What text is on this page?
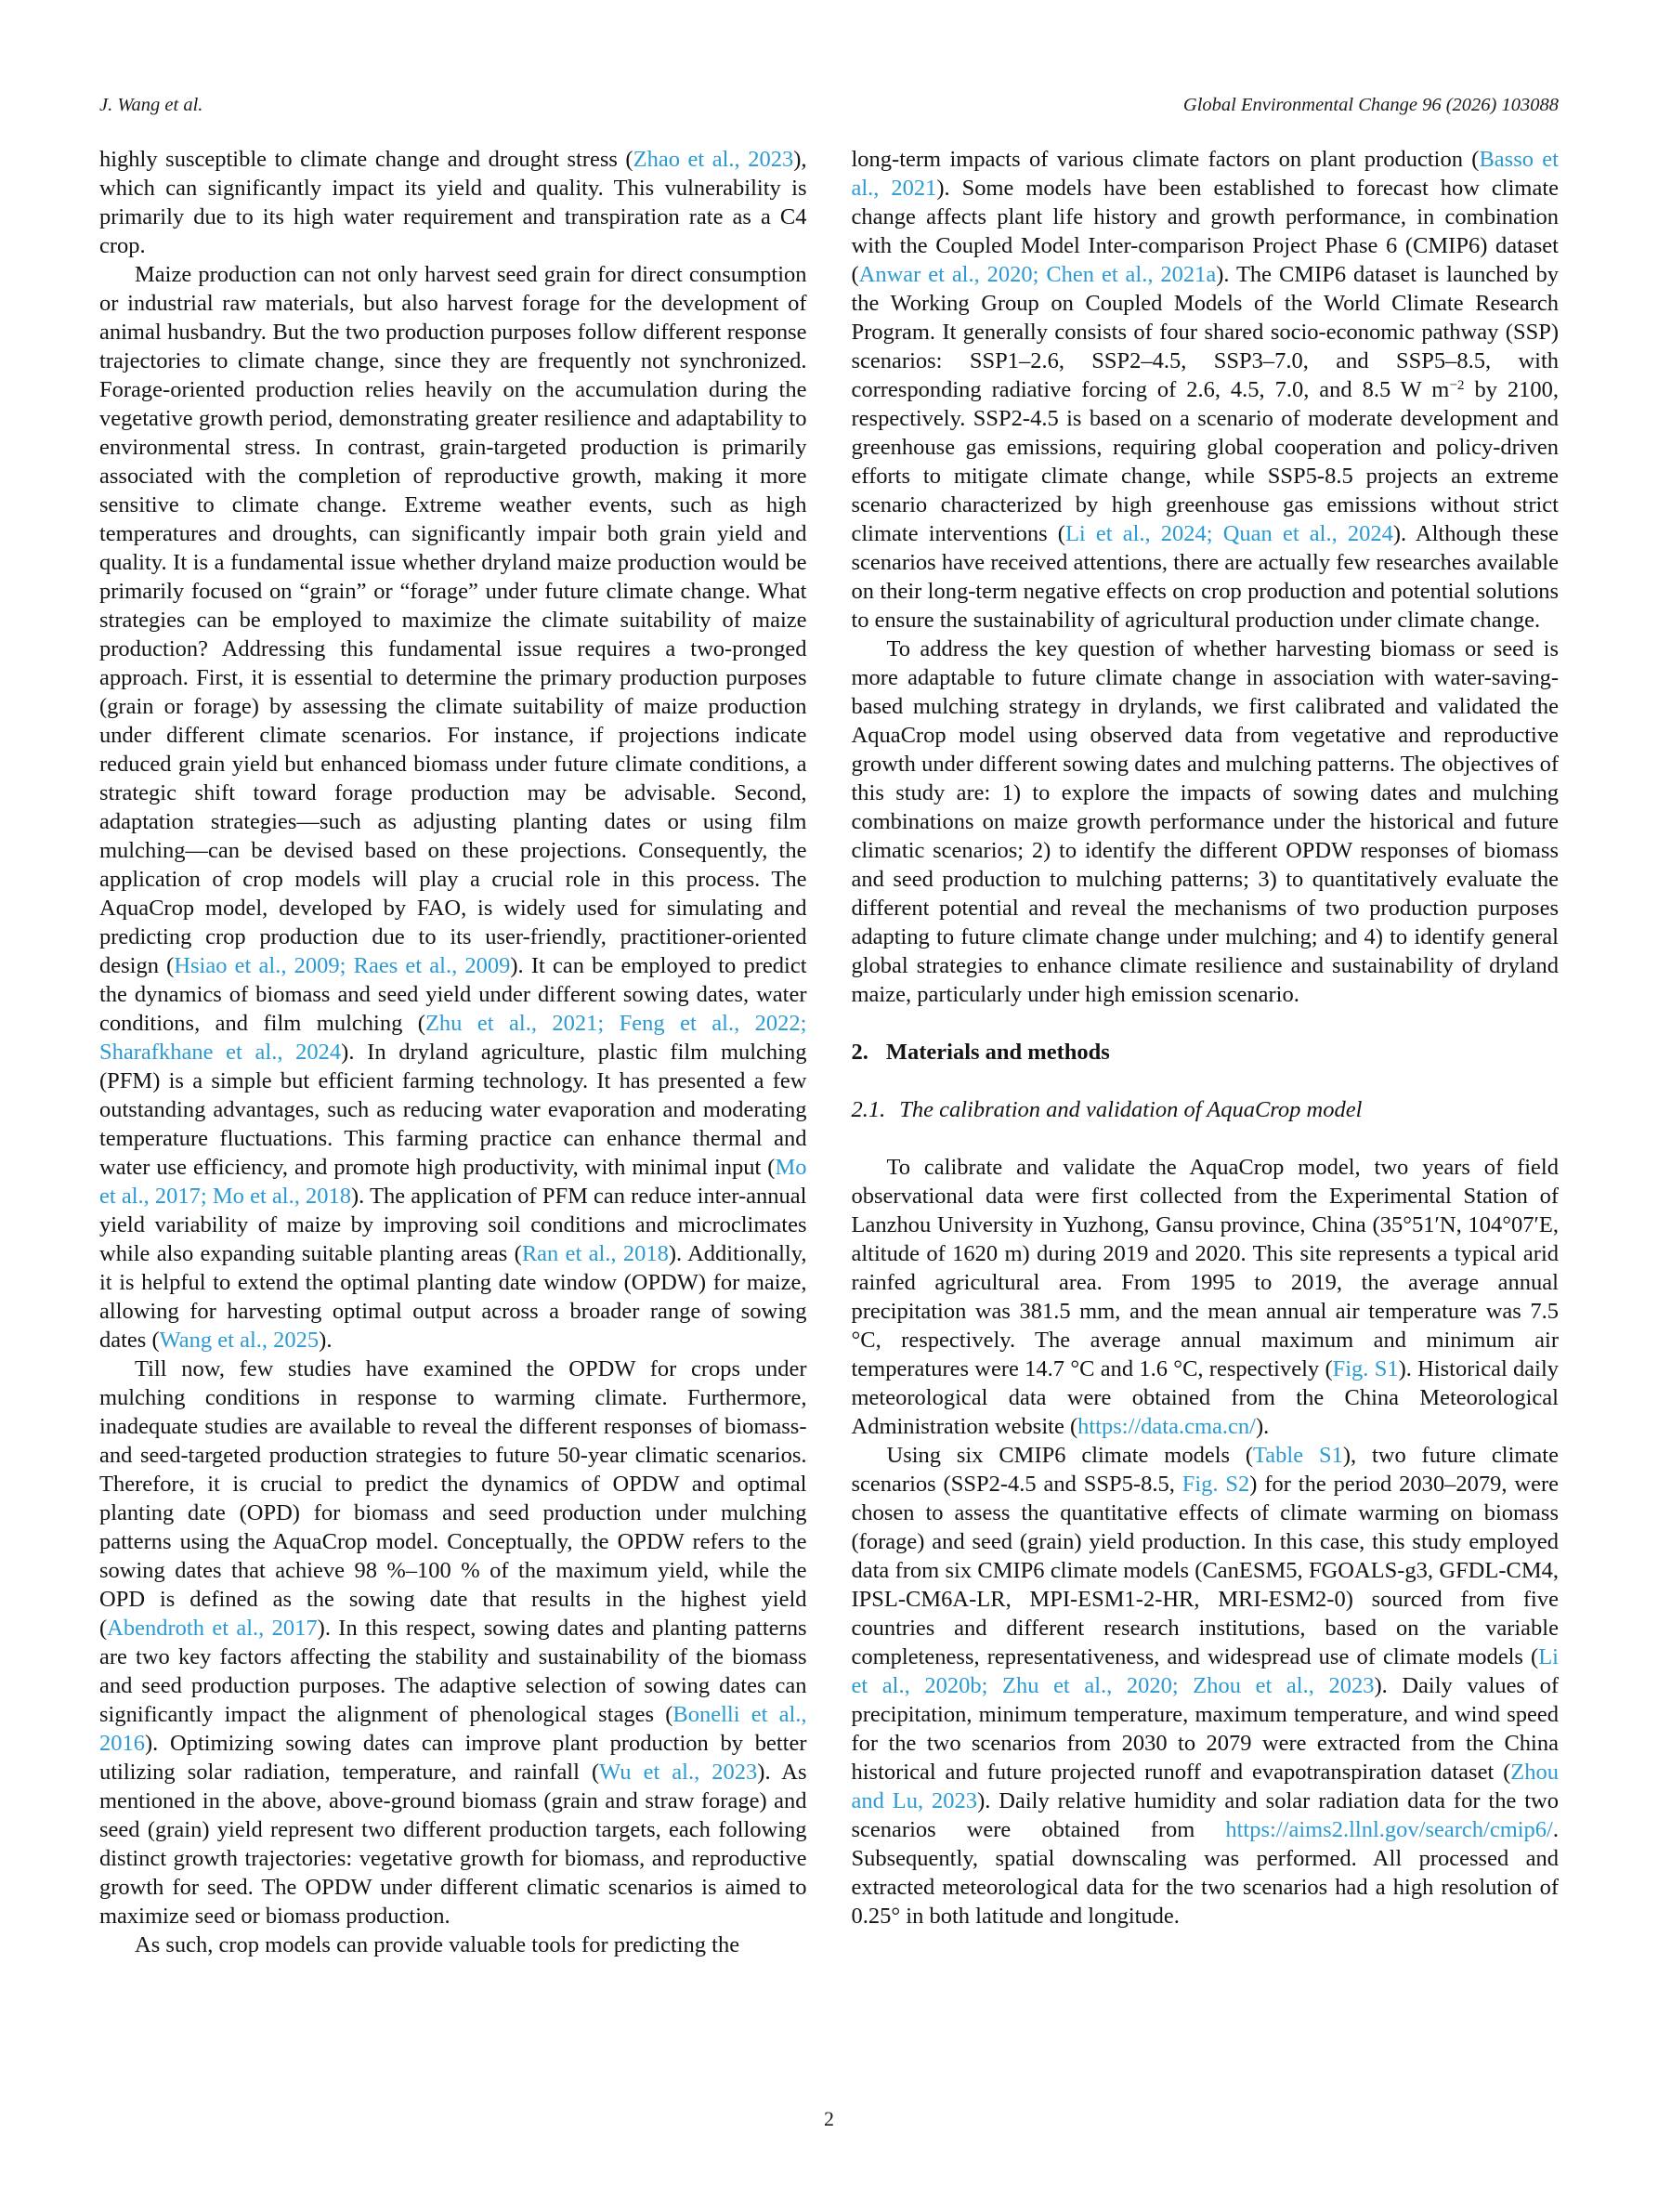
J. Wang et al.	Global Environmental Change 96 (2026) 103088

highly susceptible to climate change and drought stress (Zhao et al., 2023), which can significantly impact its yield and quality. This vulnerability is primarily due to its high water requirement and transpiration rate as a C4 crop.

Maize production can not only harvest seed grain for direct consumption or industrial raw materials, but also harvest forage for the development of animal husbandry. But the two production purposes follow different response trajectories to climate change, since they are frequently not synchronized. Forage-oriented production relies heavily on the accumulation during the vegetative growth period, demonstrating greater resilience and adaptability to environmental stress. In contrast, grain-targeted production is primarily associated with the completion of reproductive growth, making it more sensitive to climate change. Extreme weather events, such as high temperatures and droughts, can significantly impair both grain yield and quality. It is a fundamental issue whether dryland maize production would be primarily focused on “grain” or “forage” under future climate change. What strategies can be employed to maximize the climate suitability of maize production? Addressing this fundamental issue requires a two-pronged approach. First, it is essential to determine the primary production purposes (grain or forage) by assessing the climate suitability of maize production under different climate scenarios. For instance, if projections indicate reduced grain yield but enhanced biomass under future climate conditions, a strategic shift toward forage production may be advisable. Second, adaptation strategies—such as adjusting planting dates or using film mulching—can be devised based on these projections. Consequently, the application of crop models will play a crucial role in this process. The AquaCrop model, developed by FAO, is widely used for simulating and predicting crop production due to its user-friendly, practitioner-oriented design (Hsiao et al., 2009; Raes et al., 2009). It can be employed to predict the dynamics of biomass and seed yield under different sowing dates, water conditions, and film mulching (Zhu et al., 2021; Feng et al., 2022; Sharafkhane et al., 2024). In dryland agriculture, plastic film mulching (PFM) is a simple but efficient farming technology. It has presented a few outstanding advantages, such as reducing water evaporation and moderating temperature fluctuations. This farming practice can enhance thermal and water use efficiency, and promote high productivity, with minimal input (Mo et al., 2017; Mo et al., 2018). The application of PFM can reduce inter-annual yield variability of maize by improving soil conditions and microclimates while also expanding suitable planting areas (Ran et al., 2018). Additionally, it is helpful to extend the optimal planting date window (OPDW) for maize, allowing for harvesting optimal output across a broader range of sowing dates (Wang et al., 2025).

Till now, few studies have examined the OPDW for crops under mulching conditions in response to warming climate. Furthermore, inadequate studies are available to reveal the different responses of biomass- and seed-targeted production strategies to future 50-year climatic scenarios. Therefore, it is crucial to predict the dynamics of OPDW and optimal planting date (OPD) for biomass and seed production under mulching patterns using the AquaCrop model. Conceptually, the OPDW refers to the sowing dates that achieve 98 %–100 % of the maximum yield, while the OPD is defined as the sowing date that results in the highest yield (Abendroth et al., 2017). In this respect, sowing dates and planting patterns are two key factors affecting the stability and sustainability of the biomass and seed production purposes. The adaptive selection of sowing dates can significantly impact the alignment of phenological stages (Bonelli et al., 2016). Optimizing sowing dates can improve plant production by better utilizing solar radiation, temperature, and rainfall (Wu et al., 2023). As mentioned in the above, above-ground biomass (grain and straw forage) and seed (grain) yield represent two different production targets, each following distinct growth trajectories: vegetative growth for biomass, and reproductive growth for seed. The OPDW under different climatic scenarios is aimed to maximize seed or biomass production.

As such, crop models can provide valuable tools for predicting the

long-term impacts of various climate factors on plant production (Basso et al., 2021). Some models have been established to forecast how climate change affects plant life history and growth performance, in combination with the Coupled Model Inter-comparison Project Phase 6 (CMIP6) dataset (Anwar et al., 2020; Chen et al., 2021a). The CMIP6 dataset is launched by the Working Group on Coupled Models of the World Climate Research Program. It generally consists of four shared socio-economic pathway (SSP) scenarios: SSP1–2.6, SSP2–4.5, SSP3–7.0, and SSP5–8.5, with corresponding radiative forcing of 2.6, 4.5, 7.0, and 8.5 W $m^{-2}$ by 2100, respectively. SSP2-4.5 is based on a scenario of moderate development and greenhouse gas emissions, requiring global cooperation and policy-driven efforts to mitigate climate change, while SSP5-8.5 projects an extreme scenario characterized by high greenhouse gas emissions without strict climate interventions (Li et al., 2024; Quan et al., 2024). Although these scenarios have received attentions, there are actually few researches available on their long-term negative effects on crop production and potential solutions to ensure the sustainability of agricultural production under climate change.

To address the key question of whether harvesting biomass or seed is more adaptable to future climate change in association with water-saving-based mulching strategy in drylands, we first calibrated and validated the AquaCrop model using observed data from vegetative and reproductive growth under different sowing dates and mulching patterns. The objectives of this study are: 1) to explore the impacts of sowing dates and mulching combinations on maize growth performance under the historical and future climatic scenarios; 2) to identify the different OPDW responses of biomass and seed production to mulching patterns; 3) to quantitatively evaluate the different potential and reveal the mechanisms of two production purposes adapting to future climate change under mulching; and 4) to identify general global strategies to enhance climate resilience and sustainability of dryland maize, particularly under high emission scenario.

2. Materials and methods
2.1. The calibration and validation of AquaCrop model

To calibrate and validate the AquaCrop model, two years of field observational data were first collected from the Experimental Station of Lanzhou University in Yuzhong, Gansu province, China (35°51′N, 104°07′E, altitude of 1620 m) during 2019 and 2020. This site represents a typical arid rainfed agricultural area. From 1995 to 2019, the average annual precipitation was 381.5 mm, and the mean annual air temperature was 7.5 °C, respectively. The average annual maximum and minimum air temperatures were 14.7 °C and 1.6 °C, respectively (Fig. S1). Historical daily meteorological data were obtained from the China Meteorological Administration website (https://data.cma.cn/).

Using six CMIP6 climate models (Table S1), two future climate scenarios (SSP2-4.5 and SSP5-8.5, Fig. S2) for the period 2030–2079, were chosen to assess the quantitative effects of climate warming on biomass (forage) and seed (grain) yield production. In this case, this study employed data from six CMIP6 climate models (CanESM5, FGOALS-g3, GFDL-CM4, IPSL-CM6A-LR, MPI-ESM1-2-HR, MRI-ESM2-0) sourced from five countries and different research institutions, based on the variable completeness, representativeness, and widespread use of climate models (Li et al., 2020b; Zhu et al., 2020; Zhou et al., 2023). Daily values of precipitation, minimum temperature, maximum temperature, and wind speed for the two scenarios from 2030 to 2079 were extracted from the China historical and future projected runoff and evapotranspiration dataset (Zhou and Lu, 2023). Daily relative humidity and solar radiation data for the two scenarios were obtained from https://aims2.llnl.gov/search/cmip6/. Subsequently, spatial downscaling was performed. All processed and extracted meteorological data for the two scenarios had a high resolution of 0.25° in both latitude and longitude.

2
